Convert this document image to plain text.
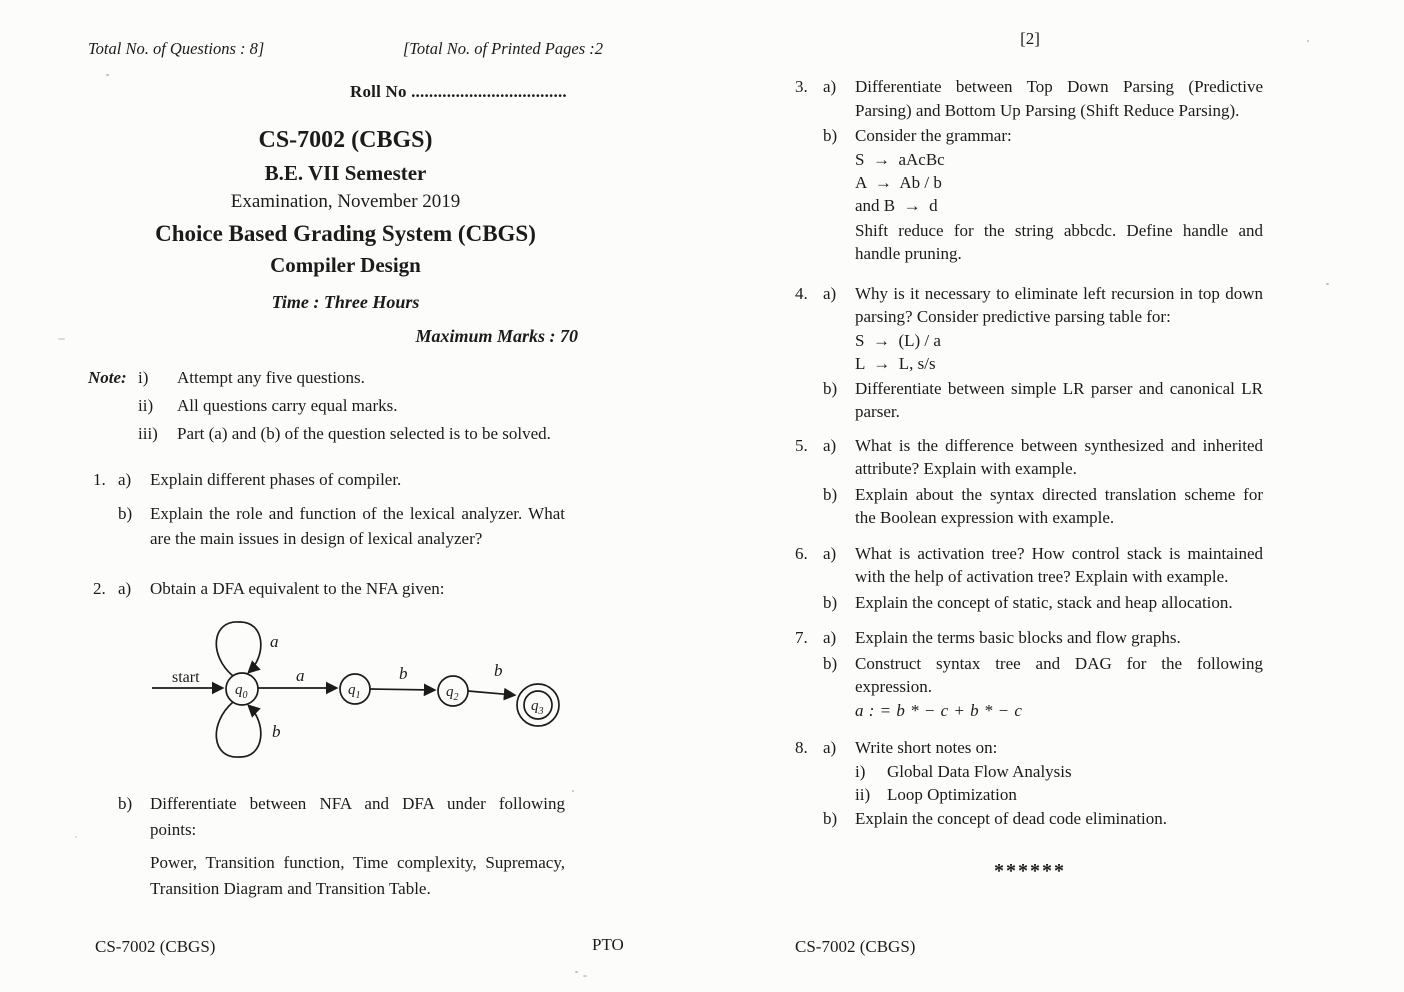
Total No. of Questions : 8]	[Total No. of Printed Pages :2
Roll No ...................................
CS-7002 (CBGS)
B.E. VII Semester
Examination, November 2019
Choice Based Grading System (CBGS)
Compiler Design
Time : Three Hours
Maximum Marks : 70
Note: i)	Attempt any five questions.
ii)	All questions carry equal marks.
iii)	Part (a) and (b) of the question selected is to be solved.
1. a)	Explain different phases of compiler.
b)	Explain the role and function of the lexical analyzer. What
are the main issues in design of lexical analyzer?
2. a)	Obtain a DFA equivalent to the NFA given:
start
a
b
a	b	b
$q_0$	$q_1$	$q_2$
$q_3$
b)	Differentiate between NFA and DFA under following
points:
Power, Transition function, Time complexity, Supremacy,
Transition Diagram and Transition Table.
[2]
3. a)	Differentiate between Top Down Parsing (Predictive
Parsing) and Bottom Up Parsing (Shift Reduce Parsing).
b)	Consider the grammar:
S  →  aAcBc
A  →  Ab / b
and B  →  d
Shift reduce for the string abbcdc. Define handle and
handle pruning.
4. a)	Why is it necessary to eliminate left recursion in top down
parsing? Consider predictive parsing table for:
S  →  (L) / a
L  →  L, s/s
b)	Differentiate between simple LR parser and canonical LR
parser.
5. a)	What is the difference between synthesized and inherited
attribute? Explain with example.
b)	Explain about the syntax directed translation scheme for
the Boolean expression with example.
6. a)	What is activation tree? How control stack is maintained
with the help of activation tree? Explain with example.
b)	Explain the concept of static, stack and heap allocation.
7. a)	Explain the terms basic blocks and flow graphs.
b)	Construct syntax tree and DAG for the following
expression.
a : = b * − c + b * − c
8. a)	Write short notes on:
i)	Global Data Flow Analysis
ii) Loop Optimization
b)	Explain the concept of dead code elimination.
******
CS-7002 (CBGS)	PTO	CS-7002 (CBGS)
